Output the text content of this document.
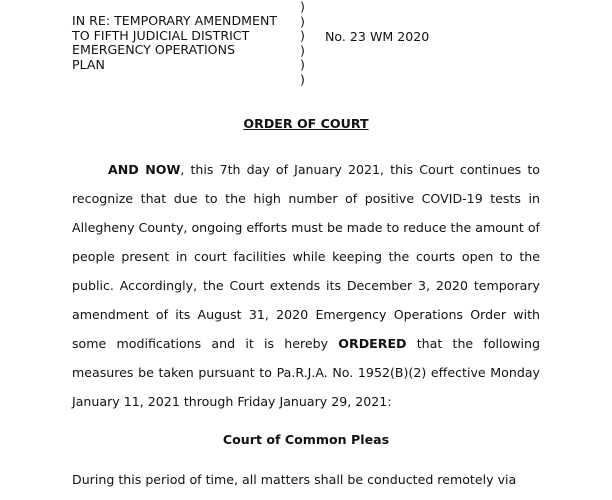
IN RE: TEMPORARY AMENDMENT
TO FIFTH JUDICIAL DISTRICT
EMERGENCY OPERATIONS
PLAN
)
)
)
)
)
)
No. 23 WM 2020
ORDER OF COURT

AND NOW, this 7th day of January 2021, this Court continues to recognize that due to the high number of positive COVID-19 tests in Allegheny County, ongoing efforts must be made to reduce the amount of people present in court facilities while keeping the courts open to the public. Accordingly, the Court extends its December 3, 2020 temporary amendment of its August 31, 2020 Emergency Operations Order with some modifications and it is hereby ORDERED that the following measures be taken pursuant to Pa.R.J.A. No. 1952(B)(2) effective Monday January 11, 2021 through Friday January 29, 2021:

Court of Common Pleas

During this period of time, all matters shall be conducted remotely via
